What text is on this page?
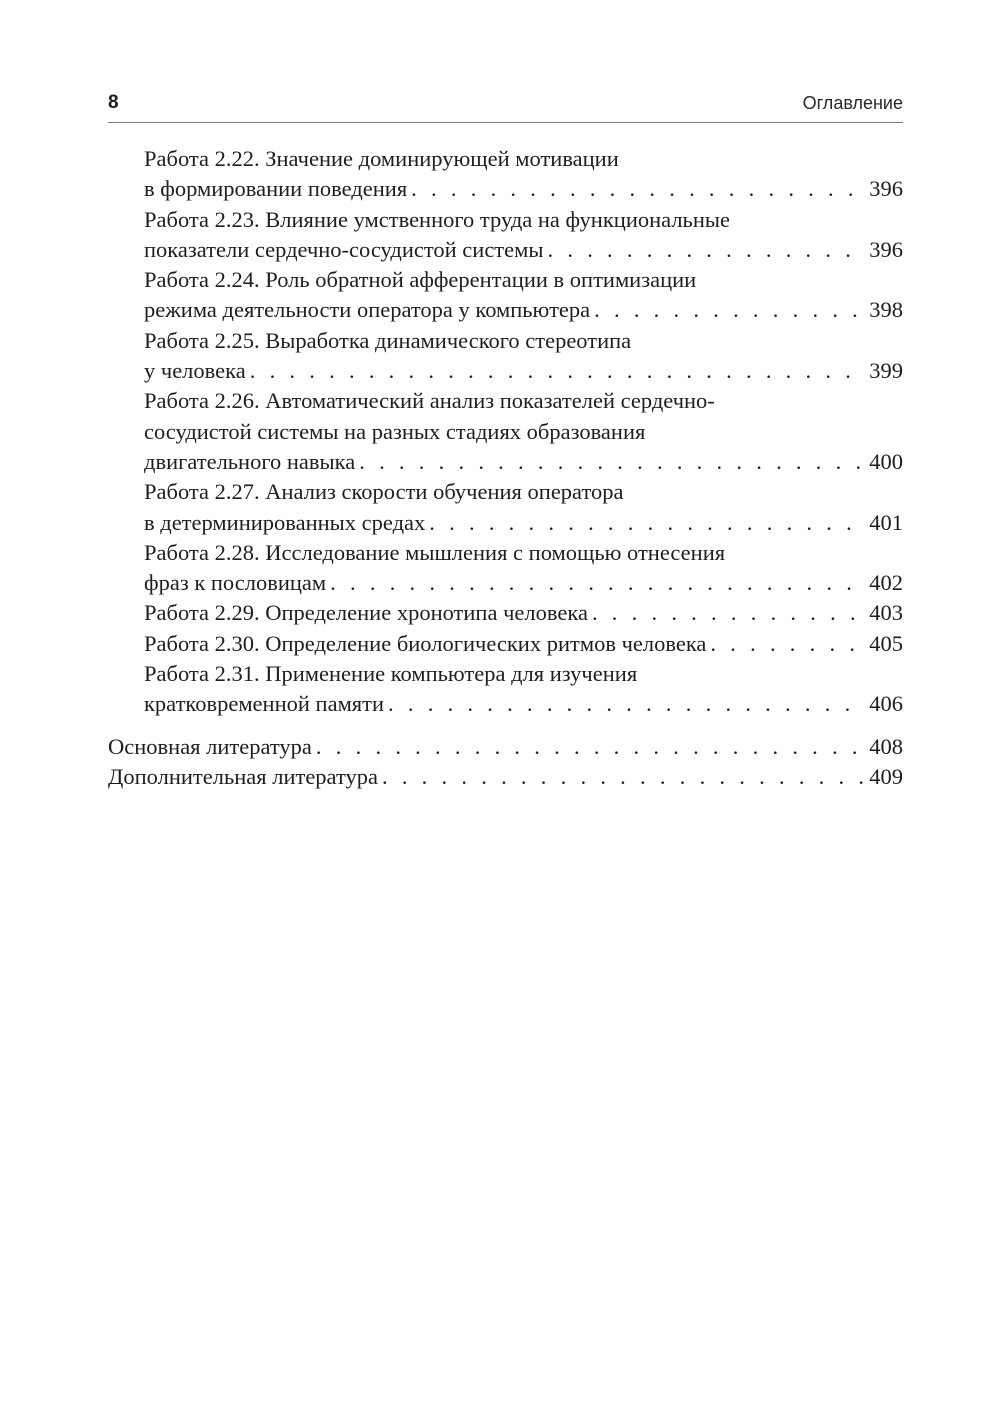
8	Оглавление
Работа 2.22. Значение доминирующей мотивации
в формировании поведения . . .	396
Работа 2.23. Влияние умственного труда на функциональные
показатели сердечно-сосудистой системы . . .	396
Работа 2.24. Роль обратной афферентации в оптимизации
режима деятельности оператора у компьютера . . .	398
Работа 2.25. Выработка динамического стереотипа
у человека . . .	399
Работа 2.26. Автоматический анализ показателей сердечно-
сосудистой системы на разных стадиях образования
двигательного навыка . . .	400
Работа 2.27. Анализ скорости обучения оператора
в детерминированных средах . . .	401
Работа 2.28. Исследование мышления с помощью отнесения
фраз к пословицам . . .	402
Работа 2.29. Определение хронотипа человека . . .	403
Работа 2.30. Определение биологических ритмов человека . . .	405
Работа 2.31. Применение компьютера для изучения
кратковременной памяти . . .	406
Основная литература . . .	408
Дополнительная литература . . .	409
